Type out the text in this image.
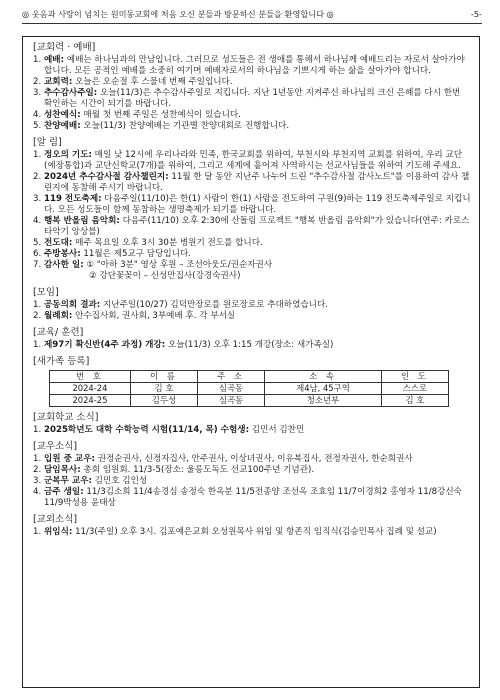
◎ 웃음과 사랑이 넘치는 원미동교회에 처음 오신 분들과 방문하신 분들을 환영합니다 ◎	-5-
[교회력 · 예배]
1. 예배: 예배는 하나님과의 만남입니다. 그러므로 성도들은 전 생애를 통해서 하나님께 예배드리는 자로서 살아가야 합니다. 모든 공적인 예배를 소중히 여기며 예배자로서의 하나님을 기쁘시게 하는 삶을 살아가야 합니다.
2. 교회력: 오늘은 오순절 후 스물네 번째 주일입니다.
3. 추수감사주일: 오늘(11/3)은 추수감사주일로 지킵니다. 지난 1년동안 지켜주신 하나님의 크신 은혜를 다시 한번 확인하는 시간이 되기를 바랍니다.
4. 성찬예식: 매월 첫 번째 주일은 성찬예식이 있습니다.
5. 찬양예배: 오늘(11/3) 찬양예배는 기관별 찬양대회로 진행합니다.
[알 림]
1. 정오의 기도: 매일 낮 12시에 우리나라와 민족, 한국교회를 위하여, 부천시와 부천지역 교회를 위하여, 우리 교단(예장통합)과 교단신학교(7개)를 위하여, 그리고 세계에 흩어져 사역하시는 선교사님들을 위하여 기도해 주세요.
2. 2024년 추수감사절 감사챌린지: 11월 한 달 동안 지난주 나누어 드린 "추수감사절 감사노트"를 이용하여 감사 챌린지에 동참해 주시기 바랍니다.
3. 119 전도축제: 다음주일(11/10)은 한(1) 사람이 한(1) 사람을 전도하여 구원(9)하는 119 전도축제주일로 지킵니다. 모든 성도들이 함께 동참하는 생명축제가 되기를 바랍니다.
4. 행복 반올림 음악회: 다음주(11/10) 오후 2:30에 산돌림 프로젝트 "행복 반올림 음악회"가 있습니다(연주: 카로스 타악기 앙상블)
5. 전도대: 매주 목요일 오후 3시 30분 병원기 전도를 합니다.
6. 주방봉사: 11월은 제5교구 담당입니다.
7. 감사한 일: ① "아하 3분" 영상 후원 – 조선아웃도/권순자권사
② 강단꽃꽂이 – 신성만집사(강경숙권사)
[모임]
1. 공동의회 결과: 지난주일(10/27) 김덕만장로를 원로장로로 추대하였습니다.
2. 월례회: 안수집사회, 권사회, 3부예배 후. 각 부서실
[교육/ 훈련]
1. 제97기 확신반(4주 과정) 개강: 오늘(11/3) 오후 1:15 개강(장소: 새가족실)
[새가족 등록]
번 호	이 름	주 소	소 속	인 도
2024-24	김 호	심곡동	제4남, 45구역	스스로
2024-25	김두성	심곡동	청소년부	김 호
[교회학교 소식]
1. 2025학년도 대학 수학능력 시험(11/14, 목) 수험생: 김민서 김찬민
[교우소식]
1. 입원 중 교우: 권정순권사, 신정자집사, 안주권사, 이상녀권사, 이유복집사, 전정자권사, 한순희권사
2. 담임목사: 총회 임원회. 11/3-5(장소: 울릉도독도 선교100주년 기념관).
3. 군복무 교우: 김민호 김인성
4. 금주 생일: 11/3김소희 11/4송경심 송정숙 한옥분 11/5전종양 조선옥 조효임 11/7이경희2 홍영자 11/8강신숙 11/9박성용 윤태상
[교외소식]
1. 위임식: 11/3(주일) 오후 3시. 김포예은교회 오성원목사 위임 및 항존직 임직식(김승민목사 집례 및 설교)
